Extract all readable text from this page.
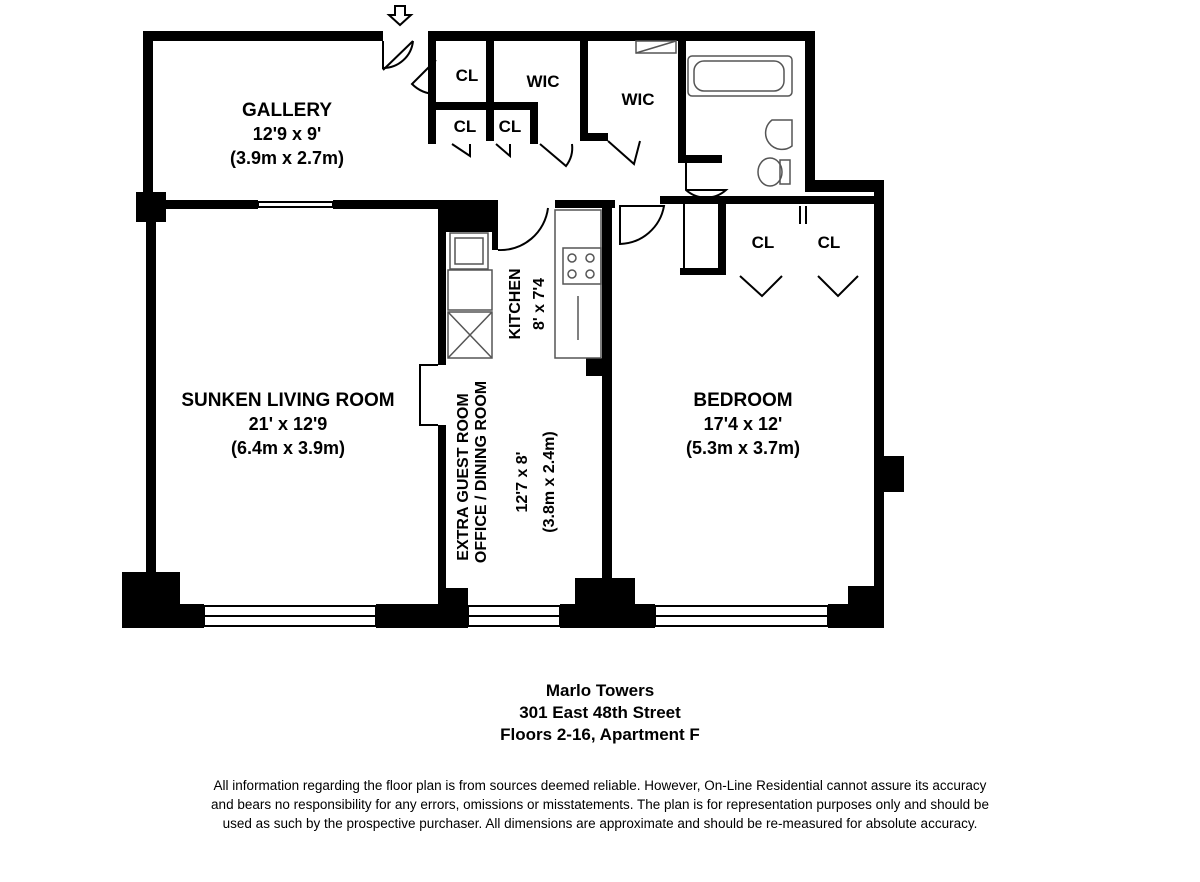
GALLERY
12'9 x 9'
(3.9m x 2.7m)
SUNKEN LIVING ROOM
21' x 12'9
(6.4m x 3.9m)
KITCHEN 8' x 7'4
EXTRA GUEST ROOM OFFICE / DINING ROOM 12'7 x 8' (3.8m x 2.4m)
BEDROOM
17'4 x 12'
(5.3m x 3.7m)
CL
CL CL
WIC
WIC
CL	CL
Marlo Towers
301 East 48th Street
Floors 2-16, Apartment F
All information regarding the floor plan is from sources deemed reliable. However, On-Line Residential cannot assure its accuracy
and bears no responsibility for any errors, omissions or misstatements. The plan is for representation purposes only and should be
used as such by the prospective purchaser. All dimensions are approximate and should be re-measured for absolute accuracy.
